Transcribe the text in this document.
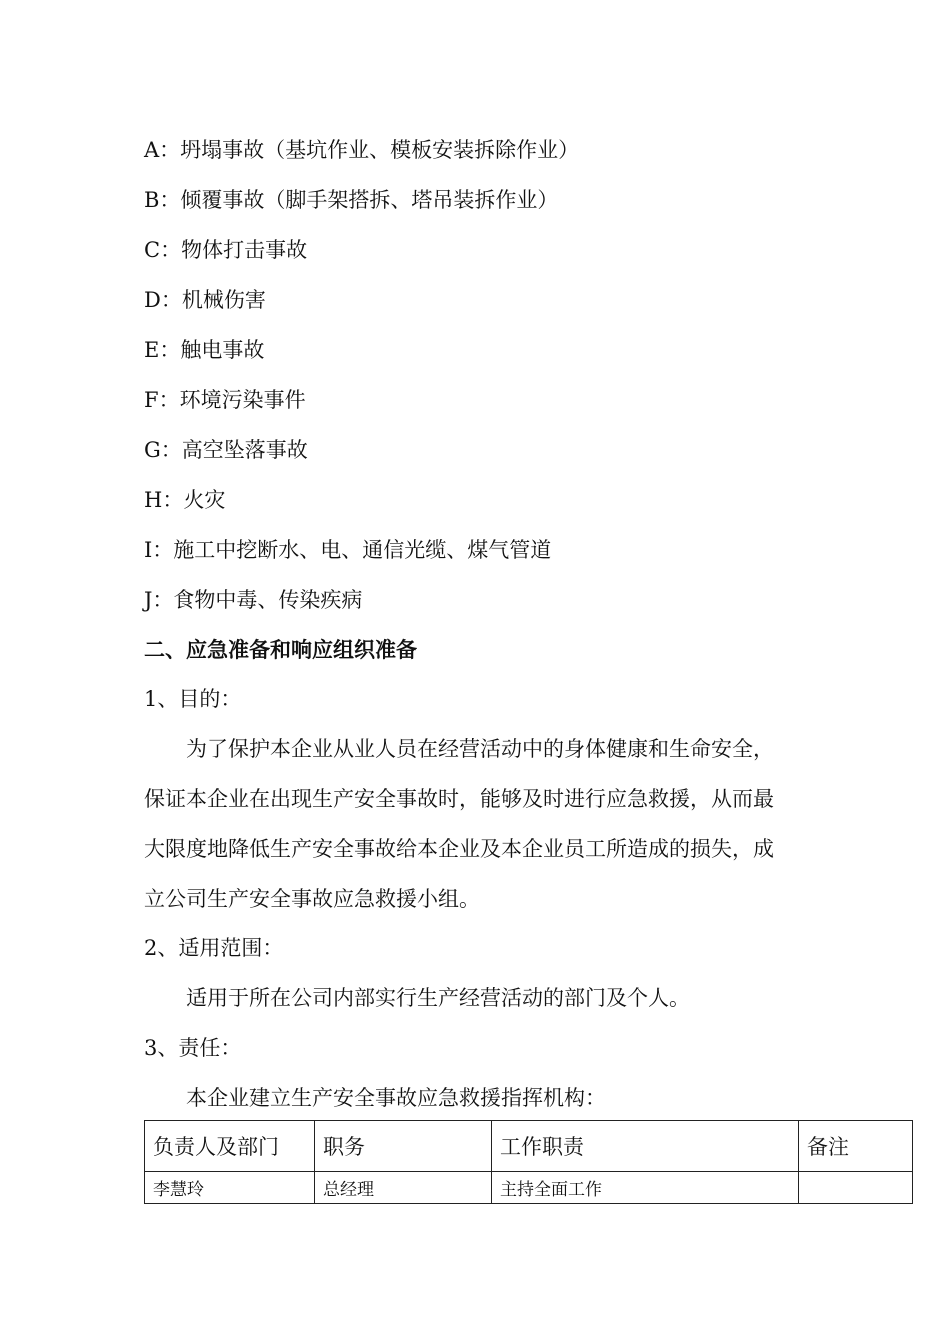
A：坍塌事故（基坑作业、模板安装拆除作业）
B：倾覆事故（脚手架搭拆、塔吊装拆作业）
C：物体打击事故
D：机械伤害
E：触电事故
F：环境污染事件
G：高空坠落事故
H：火灾
I：施工中挖断水、电、通信光缆、煤气管道
J：食物中毒、传染疾病
二、应急准备和响应组织准备
1、目的：
为了保护本企业从业人员在经营活动中的身体健康和生命安全，
保证本企业在出现生产安全事故时，能够及时进行应急救援，从而最
大限度地降低生产安全事故给本企业及本企业员工所造成的损失，成
立公司生产安全事故应急救援小组。
2、适用范围：
适用于所在公司内部实行生产经营活动的部门及个人。
3、责任：
本企业建立生产安全事故应急救援指挥机构：
负责人及部门	职务	工作职责	备注
李慧玲	总经理	主持全面工作	
